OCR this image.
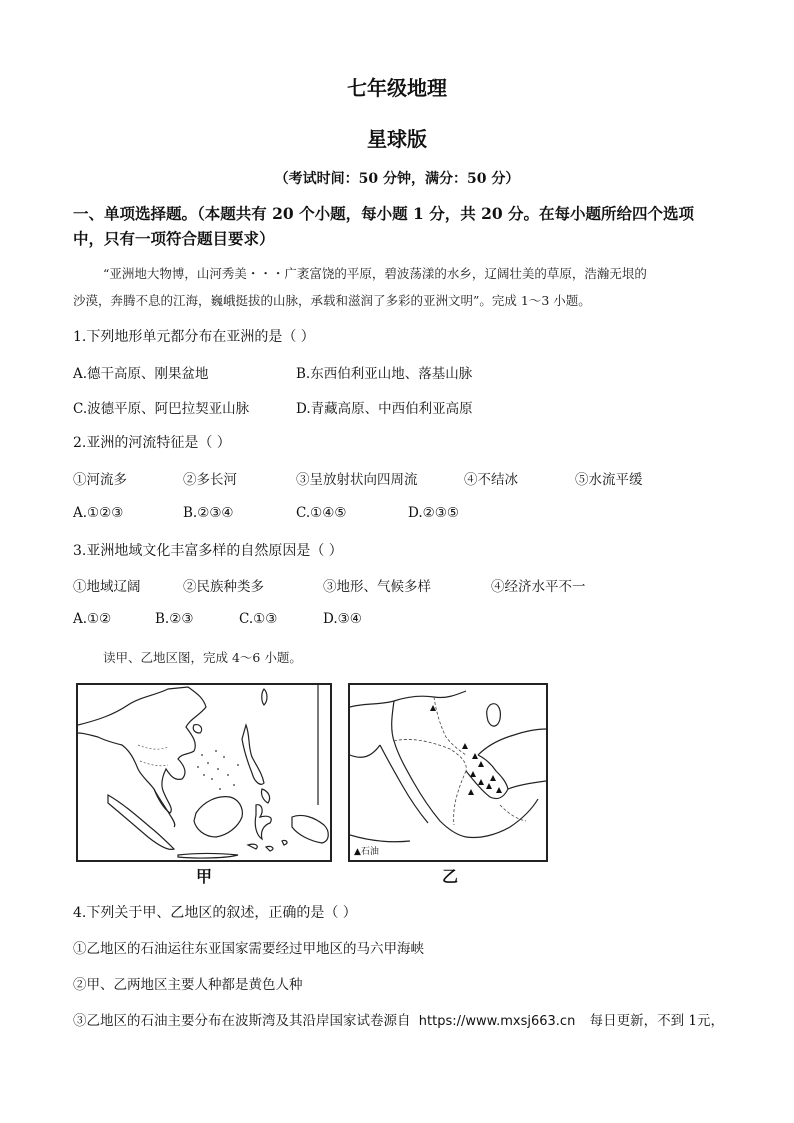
七年级地理
星球版
（考试时间：50 分钟，满分：50 分）
一、单项选择题。（本题共有 20 个小题，每小题 1 分，共 20 分。在每小题所给四个选项
中，只有一项符合题目要求）
“亚洲地大物博，山河秀美・・・广袤富饶的平原，碧波荡漾的水乡，辽阔壮美的草原，浩瀚无垠的
沙漠，奔腾不息的江海，巍峨挺拔的山脉，承载和滋润了多彩的亚洲文明”。完成 1～3 小题。
1.下列地形单元都分布在亚洲的是（ ）
A.德干高原、刚果盆地	B.东西伯利亚山地、落基山脉
C.波德平原、阿巴拉契亚山脉	D.青藏高原、中西伯利亚高原
2.亚洲的河流特征是（ ）
①河流多	②多长河	③呈放射状向四周流	④不结冰	⑤水流平缓
A.①②③	B.②③④	C.①④⑤	D.②③⑤
3.亚洲地域文化丰富多样的自然原因是（ ）
①地域辽阔	②民族种类多	③地形、气候多样	④经济水平不一
A.①②	B.②③	C.①③	D.③④
读甲、乙地区图，完成 4～6 小题。
▲石油
甲	乙
4.下列关于甲、乙地区的叙述，正确的是（ ）
①乙地区的石油运往东亚国家需要经过甲地区的马六甲海峡
②甲、乙两地区主要人种都是黄色人种
③乙地区的石油主要分布在波斯湾及其沿岸国家试卷源自 https://www.mxsj663.cn 每日更新，不到 1元，
